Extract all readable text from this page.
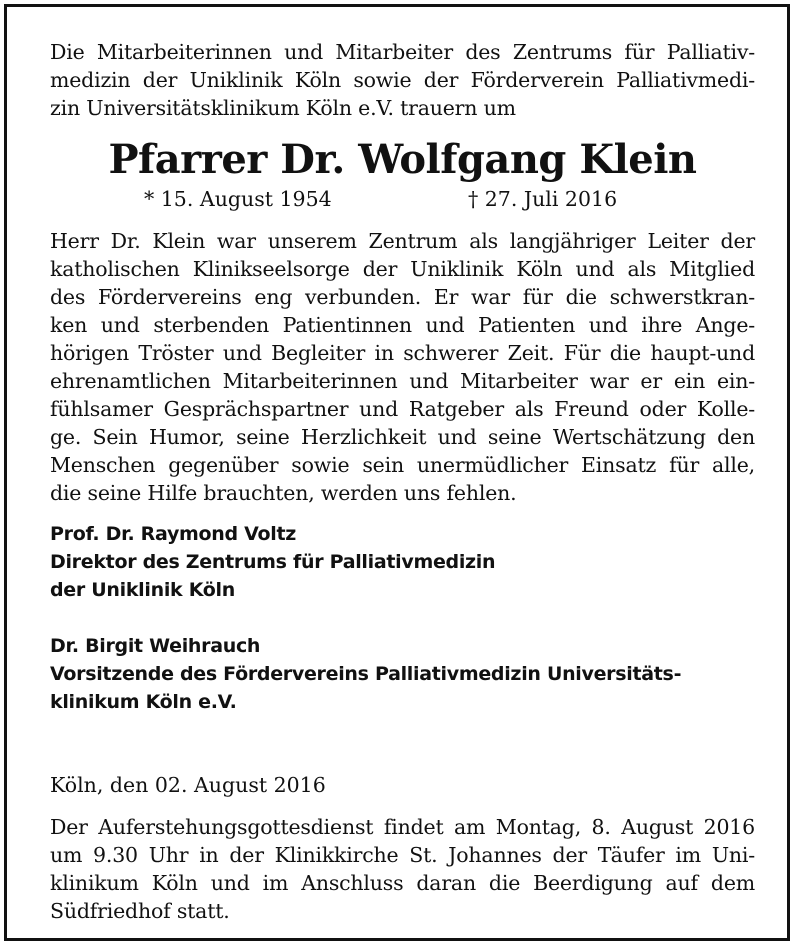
Die Mitarbeiterinnen und Mitarbeiter des Zentrums für Palliativ-
medizin der Uniklinik Köln sowie der Förderverein Palliativmedi-
zin Universitätsklinikum Köln e.V. trauern um

Pfarrer Dr. Wolfgang Klein
* 15. August 1954	† 27. Juli 2016

Herr Dr. Klein war unserem Zentrum als langjähriger Leiter der
katholischen Klinikseelsorge der Uniklinik Köln und als Mitglied
des Fördervereins eng verbunden. Er war für die schwerstkran-
ken und sterbenden Patientinnen und Patienten und ihre Ange-
hörigen Tröster und Begleiter in schwerer Zeit. Für die haupt-und
ehrenamtlichen Mitarbeiterinnen und Mitarbeiter war er ein ein-
fühlsamer Gesprächspartner und Ratgeber als Freund oder Kolle-
ge. Sein Humor, seine Herzlichkeit und seine Wertschätzung den
Menschen gegenüber sowie sein unermüdlicher Einsatz für alle,
die seine Hilfe brauchten, werden uns fehlen.

Prof. Dr. Raymond Voltz
Direktor des Zentrums für Palliativmedizin
der Uniklinik Köln

Dr. Birgit Weihrauch
Vorsitzende des Fördervereins Palliativmedizin Universitäts-
klinikum Köln e.V.

Köln, den 02. August 2016

Der Auferstehungsgottesdienst findet am Montag, 8. August 2016
um 9.30 Uhr in der Klinikkirche St. Johannes der Täufer im Uni-
klinikum Köln und im Anschluss daran die Beerdigung auf dem
Südfriedhof statt.
